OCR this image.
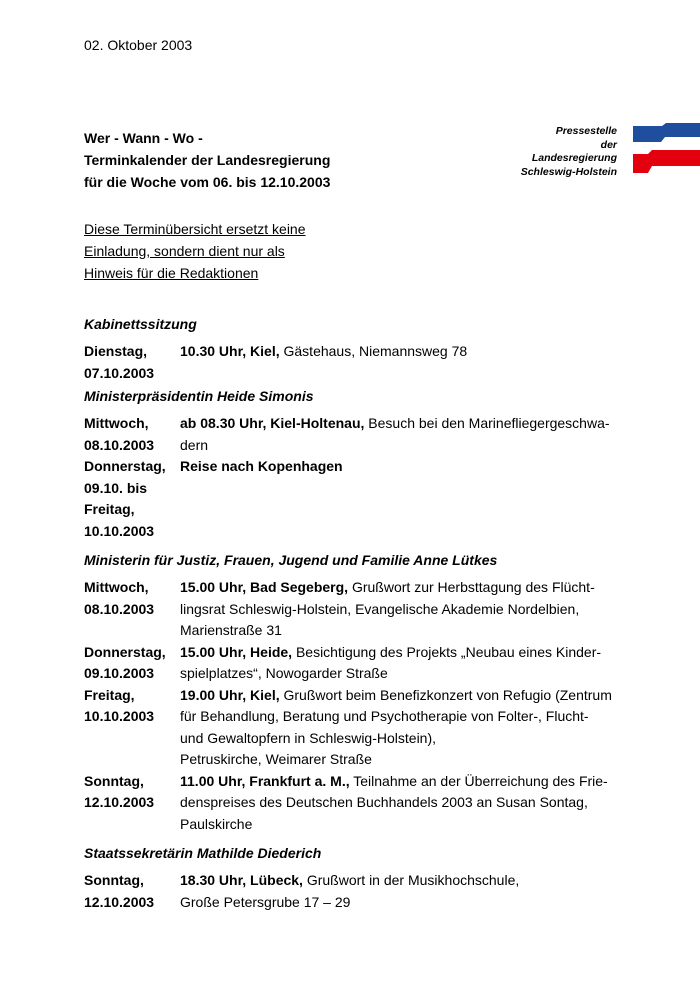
02. Oktober 2003
Wer - Wann - Wo -
Terminkalender der Landesregierung
für die Woche vom 06. bis 12.10.2003
Pressestelle
der
Landesregierung
Schleswig-Holstein
Diese Terminübersicht ersetzt keine
Einladung, sondern dient nur als
Hinweis für die Redaktionen
Kabinettssitzung
Dienstag,
07.10.2003
10.30 Uhr, Kiel, Gästehaus, Niemannsweg 78
Ministerpräsidentin Heide Simonis
Mittwoch,
08.10.2003
ab 08.30 Uhr, Kiel-Holtenau, Besuch bei den Marinefliegergeschwa-
dern
Donnerstag,
09.10. bis
Freitag,
10.10.2003
Reise nach Kopenhagen
Ministerin für Justiz, Frauen, Jugend und Familie Anne Lütkes
Mittwoch,
08.10.2003
15.00 Uhr, Bad Segeberg, Grußwort zur Herbsttagung des Flücht-
lingsrat Schleswig-Holstein, Evangelische Akademie Nordelbien,
Marienstraße 31
Donnerstag,
09.10.2003
15.00 Uhr, Heide, Besichtigung des Projekts „Neubau eines Kinder-
spielplatzes“, Nowogarder Straße
Freitag,
10.10.2003
19.00 Uhr, Kiel, Grußwort beim Benefizkonzert von Refugio (Zentrum
für Behandlung, Beratung und Psychotherapie von Folter-, Flucht-
und Gewaltopfern in Schleswig-Holstein),
Petruskirche, Weimarer Straße
Sonntag,
12.10.2003
11.00 Uhr, Frankfurt a. M., Teilnahme an der Überreichung des Frie-
denspreises des Deutschen Buchhandels 2003 an Susan Sontag,
Paulskirche
Staatssekretärin Mathilde Diederich
Sonntag,
12.10.2003
18.30 Uhr, Lübeck, Grußwort in der Musikhochschule,
Große Petersgrube 17 – 29
